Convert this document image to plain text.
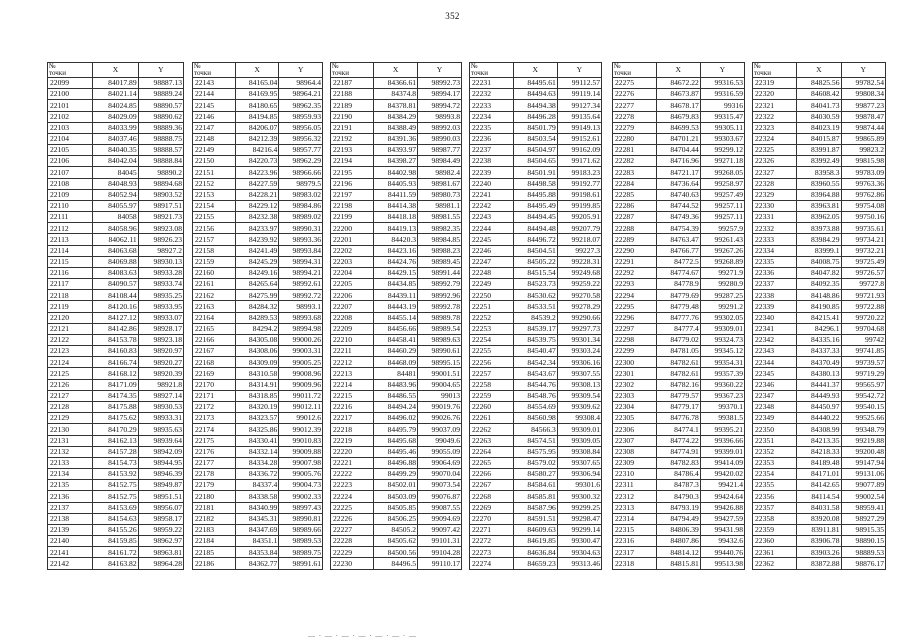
352
№
точки	X	Y
22099	84017.89	98887.13
22100	84021.14	98889.24
22101	84024.85	98890.57
22102	84029.09	98890.62
22103	84033.99	98889.36
22104	84037.46	98888.75
22105	84040.35	98888.57
22106	84042.04	98888.84
22107	84045	98890.2
22108	84048.93	98894.68
22109	84052.94	98903.52
22110	84055.97	98917.51
22111	84058	98921.73
22112	84058.96	98923.08
22113	84062.11	98926.23
22114	84063.68	98927.2
22115	84069.88	98930.13
22116	84083.63	98933.28
22117	84090.57	98933.74
22118	84108.44	98935.25
22119	84120.16	98933.95
22120	84127.12	98933.07
22121	84142.86	98928.17
22122	84153.78	98923.18
22123	84160.83	98920.97
22124	84166.74	98920.27
22125	84168.12	98920.39
22126	84171.09	98921.8
22127	84174.35	98927.14
22128	84175.88	98930.53
22129	84175.62	98933.31
22130	84170.29	98935.63
22131	84162.13	98939.64
22132	84157.28	98942.09
22133	84154.73	98944.95
22134	84153.92	98946.39
22135	84152.75	98949.87
22136	84152.75	98951.51
22137	84153.69	98956.07
22138	84154.63	98958.17
22139	84155.26	98959.22
22140	84159.85	98962.97
22141	84161.72	98963.81
22142	84163.82	98964.28
№
точки	X	Y
22143	84165.04	98964.4
22144	84169.95	98964.21
22145	84180.65	98962.35
22146	84194.85	98959.93
22147	84206.07	98956.05
22148	84212.39	98956.32
22149	84216.4	98957.77
22150	84220.73	98962.29
22151	84223.96	98966.66
22152	84227.59	98979.5
22153	84228.21	98983.02
22154	84229.12	98984.86
22155	84232.38	98989.02
22156	84233.97	98990.31
22157	84239.92	98993.36
22158	84241.49	98993.84
22159	84245.29	98994.31
22160	84249.16	98994.21
22161	84265.64	98992.61
22162	84275.99	98992.72
22163	84284.32	98993.1
22164	84289.53	98993.68
22165	84294.2	98994.98
22166	84305.08	99000.26
22167	84308.06	99003.31
22168	84309.09	99005.25
22169	84310.58	99008.96
22170	84314.91	99009.96
22171	84318.85	99011.72
22172	84320.19	99012.11
22173	84323.57	99012.6
22174	84325.86	99012.39
22175	84330.41	99010.83
22176	84332.14	99009.88
22177	84334.28	99007.98
22178	84336.72	99005.76
22179	84337.4	99004.73
22180	84338.58	99002.33
22181	84340.99	98997.43
22182	84345.31	98990.81
22183	84347.69	98989.66
22184	84351.1	98989.53
22185	84353.84	98989.75
22186	84362.77	98991.61
№
точки	X	Y
22187	84366.61	98992.73
22188	84374.8	98994.17
22189	84378.81	98994.72
22190	84384.29	98993.8
22191	84388.49	98992.03
22192	84391.36	98990.03
22193	84393.97	98987.77
22194	84398.27	98984.49
22195	84402.98	98982.4
22196	84405.93	98981.67
22197	84411.59	98980.73
22198	84414.38	98981.1
22199	84418.18	98981.55
22200	84419.13	98982.35
22201	84420.3	98984.85
22202	84423.16	98988.23
22203	84424.76	98989.45
22204	84429.15	98991.44
22205	84434.85	98992.79
22206	84439.11	98992.96
22207	84443.19	98992.78
22208	84455.14	98989.78
22209	84456.66	98989.54
22210	84458.41	98989.63
22211	84460.29	98990.61
22212	84468.09	98995.15
22213	84481	99001.51
22214	84483.96	99004.65
22215	84486.55	99013
22216	84494.24	99019.76
22217	84496.02	99026.76
22218	84495.79	99037.09
22219	84495.68	99049.6
22220	84495.46	99055.09
22221	84496.88	99064.69
22222	84499.29	99070.04
22223	84502.01	99073.54
22224	84503.09	99076.87
22225	84505.85	99087.55
22226	84506.25	99094.69
22227	84505.2	99097.42
22228	84505.62	99101.31
22229	84500.56	99104.28
22230	84496.5	99110.17
№
точки	X	Y
22231	84495.61	99112.57
22232	84494.63	99119.14
22233	84494.38	99127.34
22234	84496.28	99135.64
22235	84501.79	99149.13
22236	84503.54	99152.61
22237	84504.97	99162.09
22238	84504.65	99171.62
22239	84501.91	99183.23
22240	84498.58	99192.77
22241	84495.88	99198.61
22242	84495.49	99199.85
22243	84494.45	99205.91
22244	84494.48	99207.79
22245	84496.72	99218.07
22246	84504.51	99227.3
22247	84505.22	99228.31
22248	84515.54	99249.68
22249	84523.73	99259.22
22250	84530.62	99270.58
22251	84533.51	99278.29
22252	84539.2	99290.66
22253	84539.17	99297.73
22254	84539.75	99301.34
22255	84540.47	99303.24
22256	84542.34	99306.16
22257	84543.67	99307.55
22258	84544.76	99308.13
22259	84548.76	99309.54
22260	84554.69	99309.62
22261	84560.98	99308.4
22262	84566.3	99309.01
22263	84574.51	99309.05
22264	84575.95	99308.84
22265	84579.02	99307.65
22266	84580.27	99306.94
22267	84584.61	99301.6
22268	84585.81	99300.32
22269	84587.96	99299.25
22270	84591.51	99298.47
22271	84609.63	99299.14
22272	84619.85	99300.47
22273	84636.84	99304.63
22274	84659.23	99313.46
№
точки	X	Y
22275	84672.22	99316.53
22276	84673.87	99316.59
22277	84678.17	99316
22278	84679.83	99315.47
22279	84699.53	99305.11
22280	84701.21	99303.67
22281	84704.44	99299.12
22282	84716.96	99271.18
22283	84721.17	99268.05
22284	84736.64	99258.97
22285	84740.63	99257.49
22286	84744.52	99257.11
22287	84749.36	99257.11
22288	84754.39	99257.9
22289	84763.47	99261.43
22290	84766.77	99267.26
22291	84772.5	99268.89
22292	84774.67	99271.9
22293	84778.9	99280.9
22294	84779.69	99287.25
22295	84779.48	99291.2
22296	84777.76	99302.05
22297	84777.4	99309.01
22298	84779.02	99324.73
22299	84781.05	99345.12
22300	84782.61	99354.31
22301	84782.61	99357.39
22302	84782.16	99360.22
22303	84779.57	99367.23
22304	84779.17	99370.1
22305	84776.78	99381.5
22306	84774.1	99395.21
22307	84774.22	99396.66
22308	84774.91	99399.01
22309	84782.83	99414.09
22310	84786.4	99420.02
22311	84787.3	99421.4
22312	84790.3	99424.64
22313	84793.19	99426.88
22314	84794.49	99427.59
22315	84806.39	99431.98
22316	84807.86	99432.6
22317	84814.12	99440.76
22318	84815.81	99513.98
№
точки	X	Y
22319	84825.56	99782.54
22320	84608.42	99808.34
22321	84041.73	99877.23
22322	84030.59	99878.47
22323	84023.19	99874.44
22324	84015.87	99865.89
22325	83991.87	99823.2
22326	83992.49	99815.98
22327	83958.3	99783.09
22328	83960.55	99763.36
22329	83964.88	99762.86
22330	83963.81	99754.08
22331	83962.05	99750.16
22332	83973.88	99735.61
22333	83984.29	99734.21
22334	83999.1	99732.21
22335	84008.75	99725.49
22336	84047.82	99726.57
22337	84092.35	99727.8
22338	84148.86	99721.93
22339	84190.85	99722.88
22340	84215.41	99720.22
22341	84296.1	99704.68
22342	84335.16	99742
22343	84337.33	99741.85
22344	84370.49	99739.57
22345	84380.13	99719.29
22346	84441.37	99565.97
22347	84449.93	99542.72
22348	84450.97	99540.15
22349	84440.22	99525.66
22350	84308.99	99348.79
22351	84213.35	99219.88
22352	84218.33	99200.48
22353	84189.48	99147.94
22354	84171.01	99131.06
22355	84142.65	99077.89
22356	84114.54	99002.54
22357	84031.58	98959.41
22358	83920.08	98927.29
22359	83911.81	98915.35
22360	83906.78	98890.15
22361	83903.26	98889.53
22362	83872.88	98876.17
— · — · — · — · — · — · —
